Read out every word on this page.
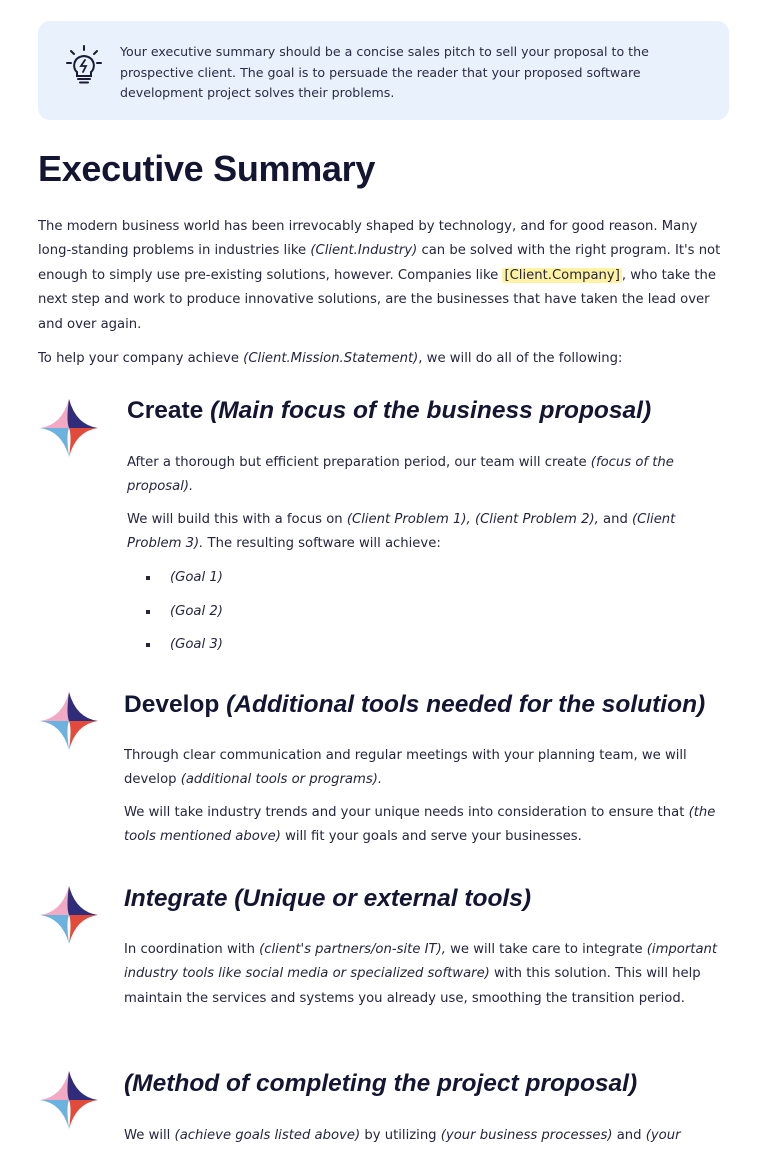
Your executive summary should be a concise sales pitch to sell your proposal to the prospective client. The goal is to persuade the reader that your proposed software development project solves their problems.
Executive Summary

The modern business world has been irrevocably shaped by technology, and for good reason. Many long-standing problems in industries like (Client.Industry) can be solved with the right program. It's not enough to simply use pre-existing solutions, however. Companies like [Client.Company] , who take the next step and work to produce innovative solutions, are the businesses that have taken the lead over and over again.

To help your company achieve (Client.Mission.Statement), we will do all of the following:

Create (Main focus of the business proposal)

After a thorough but efficient preparation period, our team will create (focus of the proposal).

We will build this with a focus on (Client Problem 1), (Client Problem 2), and (Client Problem 3). The resulting software will achieve:

(Goal 1)
(Goal 2)
(Goal 3)
Develop (Additional tools needed for the solution)

Through clear communication and regular meetings with your planning team, we will develop (additional tools or programs).

We will take industry trends and your unique needs into consideration to ensure that (the tools mentioned above) will fit your goals and serve your businesses.

Integrate (Unique or external tools)

In coordination with (client's partners/on-site IT), we will take care to integrate (important industry tools like social media or specialized software) with this solution. This will help maintain the services and systems you already use, smoothing the transition period.

(Method of completing the project proposal)

We will (achieve goals listed above) by utilizing (your business processes) and (your
